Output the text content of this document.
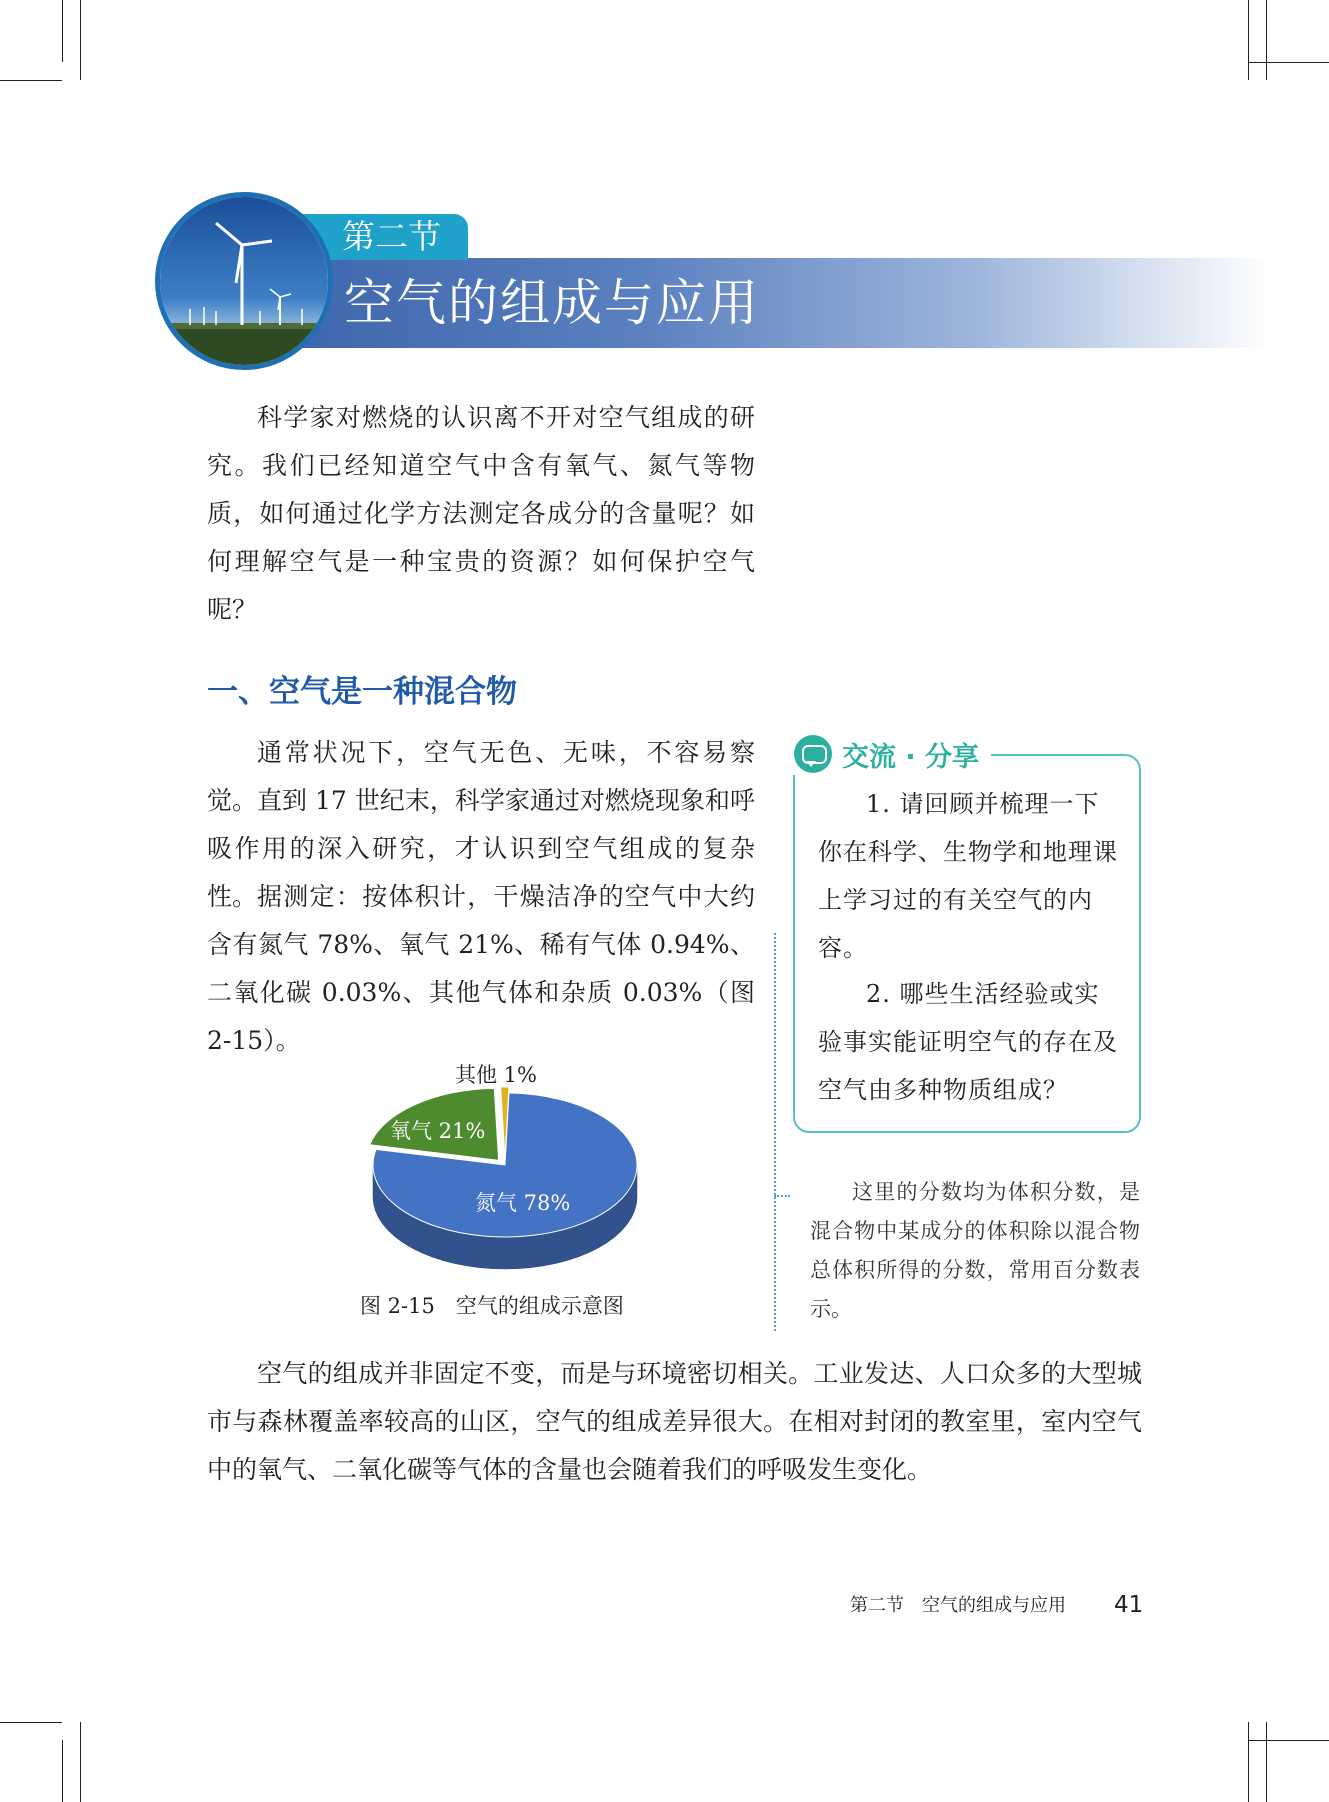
第二节
空气的组成与应用

科学家对燃烧的认识离不开对空气组成的研究。我们已经知道空气中含有氧气、氮气等物质，如何通过化学方法测定各成分的含量呢？如何理解空气是一种宝贵的资源？如何保护空气呢？

一、空气是一种混合物

通常状况下，空气无色、无味，不容易察觉。直到 17 世纪末，科学家通过对燃烧现象和呼吸作用的深入研究，才认识到空气组成的复杂性。 据测定：按体积计，干燥洁净的空气中大约含有氮气 78%、氧气 21%、稀有气体 0.94%、二氧化碳 0.03%、其他气体和杂质 0.03%（图 2-15）。

交流 · 分享

1. 请回顾并梳理一下你在科学、生物学和地理课上学习过的有关空气的内容。

2. 哪些生活经验或实验事实能证明空气的存在及空气由多种物质组成？

这里的分数均为体积分数，是混合物中某成分的体积除以混合物总体积所得的分数，常用百分数表示。

氮气 78%
氧气 21%
其他 1%

图 2-15　空气的组成示意图

空气的组成并非固定不变，而是与环境密切相关。工业发达、人口众多的大型城市与森林覆盖率较高的山区，空气的组成差异很大。在相对封闭的教室里，室内空气中的氧气、二氧化碳等气体的含量也会随着我们的呼吸发生变化。

第二节　空气的组成与应用 41
